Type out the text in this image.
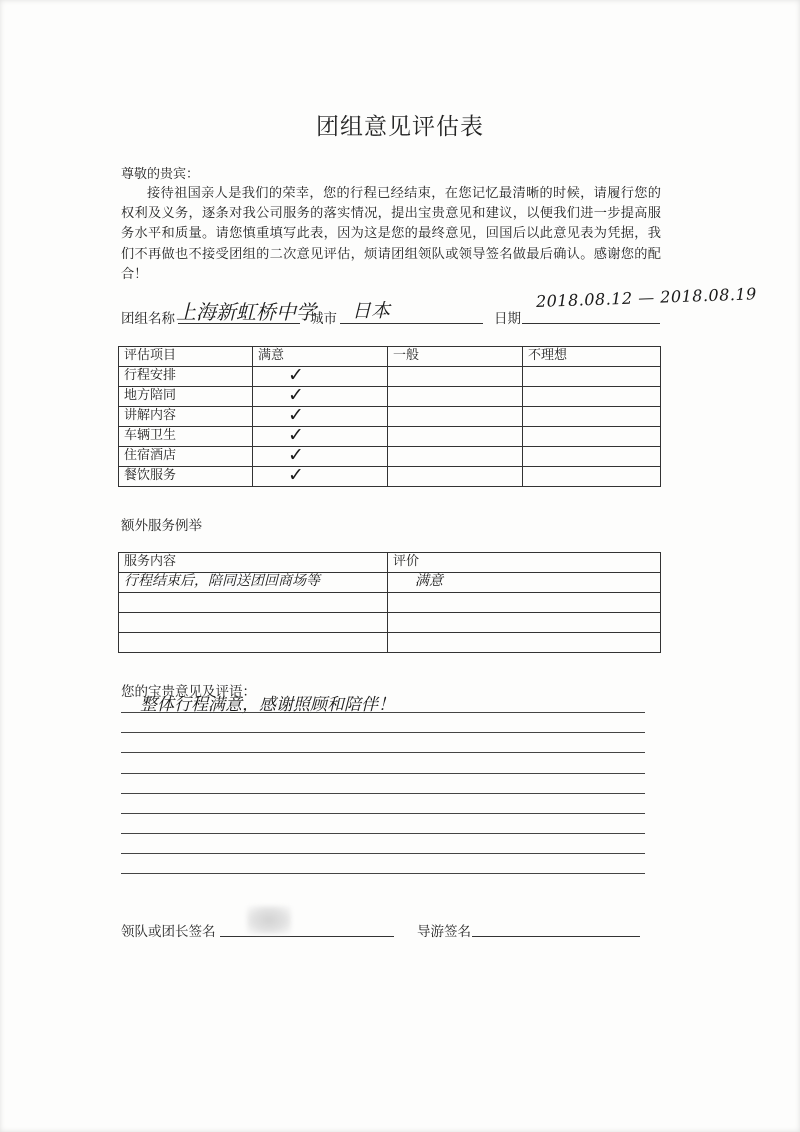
团组意见评估表
尊敬的贵宾：
接待祖国亲人是我们的荣幸，您的行程已经结束，在您记忆最清晰的时候，请履行您的权利及义务，逐条对我公司服务的落实情况，提出宝贵意见和建议，以便我们进一步提高服务水平和质量。请您慎重填写此表，因为这是您的最终意见，回国后以此意见表为凭据，我们不再做也不接受团组的二次意见评估，烦请团组领队或领导签名做最后确认。感谢您的配合！
团组名称 上海新虹桥中学
城市 日本	日期
2018.08.12 — 2018.08.19
评估项目	满意	一般	不理想
行程安排	✓		
地方陪同	✓		
讲解内容	✓		
车辆卫生	✓		
住宿酒店	✓		
餐饮服务	✓		
额外服务例举
服务内容	评价
行程结束后，陪同送团回商场等	满意

您的宝贵意见及评语：
整体行程满意，感谢照顾和陪伴！
领队或团长签名	导游签名
